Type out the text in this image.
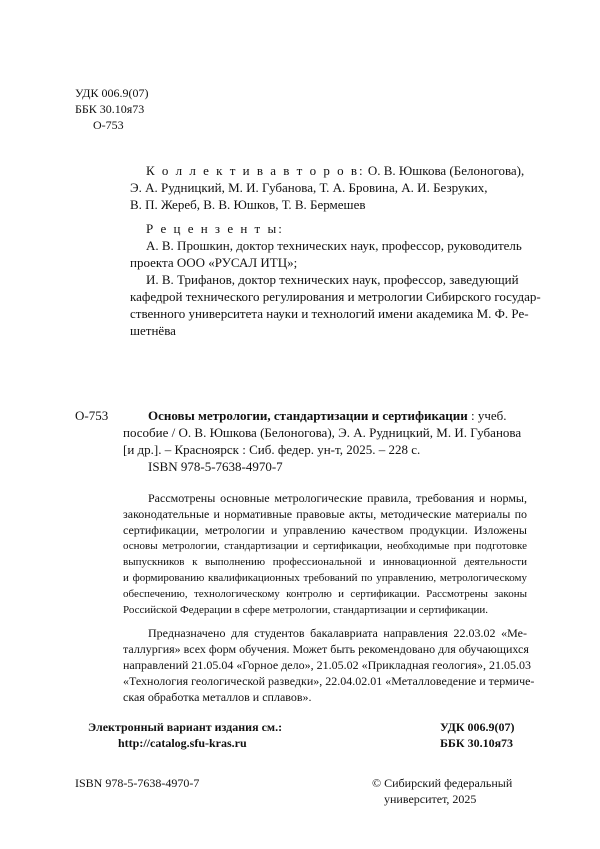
УДК 006.9(07)
ББК 30.10я73
О-753
К о л л е к т и в а в т о р о в: О. В. Юшкова (Белоногова),
Э. А. Рудницкий, М. И. Губанова, Т. А. Бровина, А. И. Безруких,
В. П. Жереб, В. В. Юшков, Т. В. Бермешев
Р е ц е н з е н т ы:
А. В. Прошкин, доктор технических наук, профессор, руководитель
проекта ООО «РУСАЛ ИТЦ»;
И. В. Трифанов, доктор технических наук, профессор, заведующий
кафедрой технического регулирования и метрологии Сибирского государ-
ственного университета науки и технологий имени академика М. Ф. Ре-
шетнёва
О-753	Основы метрологии, стандартизации и сертификации : учеб.
пособие / О. В. Юшкова (Белоногова), Э. А. Рудницкий, М. И. Губанова
[и др.]. – Красноярск : Сиб. федер. ун-т, 2025. – 228 с.
ISBN 978-5-7638-4970-7
Рассмотрены основные метрологические правила, требования и нормы,
законодательные и нормативные правовые акты, методические материалы по
сертификации, метрологии и управлению качеством продукции. Изложены
основы метрологии, стандартизации и сертификации, необходимые при подготовке
выпускников к выполнению профессиональной и инновационной деятельности
и формированию квалификационных требований по управлению, метрологическому
обеспечению, технологическому контролю и сертификации. Рассмотрены законы
Российской Федерации в сфере метрологии, стандартизации и сертификации.
Предназначено для студентов бакалавриата направления 22.03.02 «Ме-
таллургия» всех форм обучения. Может быть рекомендовано для обучающихся
направлений 21.05.04 «Горное дело», 21.05.02 «Прикладная геология», 21.05.03
«Технология геологической разведки», 22.04.02.01 «Металловедение и термиче-
ская обработка металлов и сплавов».
Электронный вариант издания см.:
http://catalog.sfu-kras.ru
УДК 006.9(07)
ББК 30.10я73
ISBN 978-5-7638-4970-7	© Сибирский федеральный
университет, 2025
